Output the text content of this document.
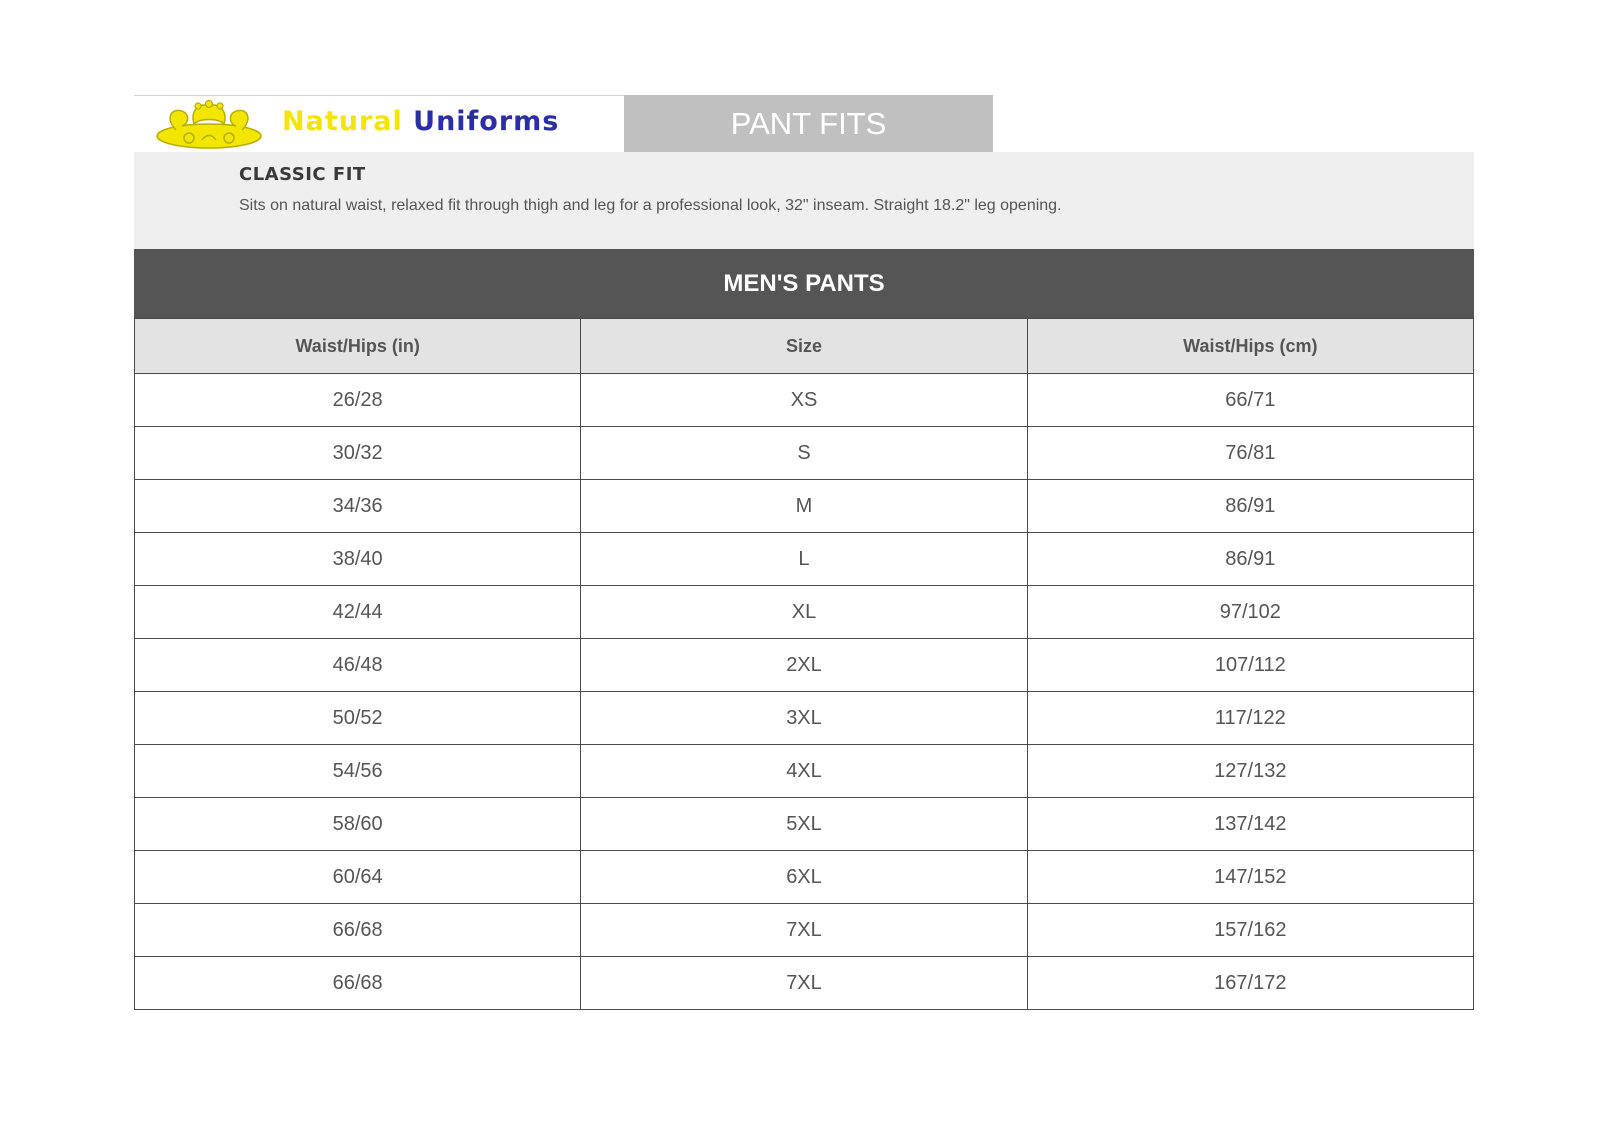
Natural Uniforms	PANT FITS
CLASSIC FIT
Sits on natural waist, relaxed fit through thigh and leg for a professional look, 32" inseam. Straight 18.2" leg opening.
MEN'S PANTS
Waist/Hips (in)	Size	Waist/Hips (cm)
26/28	XS	66/71
30/32	S	76/81
34/36	M	86/91
38/40	L	86/91
42/44	XL	97/102
46/48	2XL	107/112
50/52	3XL	117/122
54/56	4XL	127/132
58/60	5XL	137/142
60/64	6XL	147/152
66/68	7XL	157/162
66/68	7XL	167/172
